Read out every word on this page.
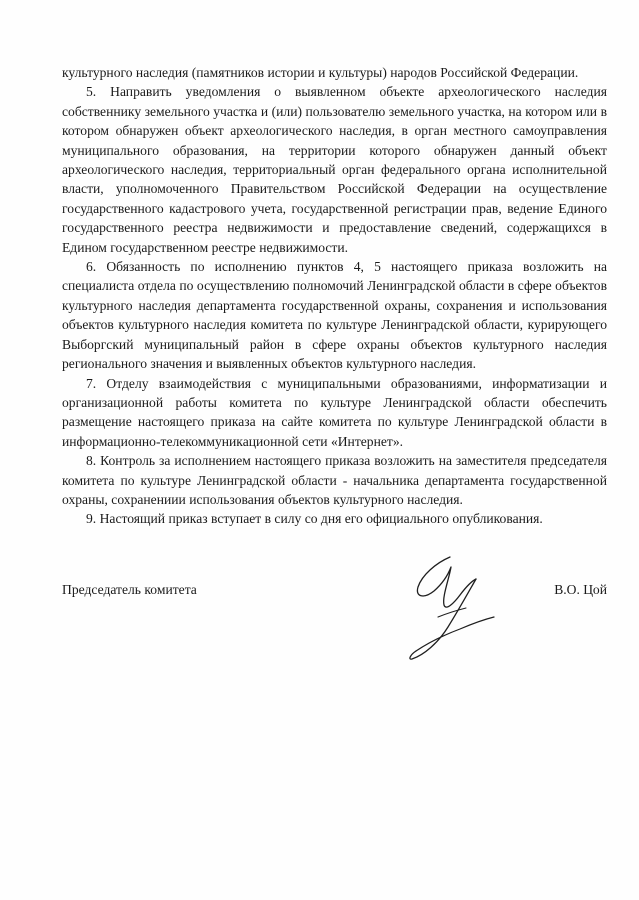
культурного наследия (памятников истории и культуры) народов Российской Федерации.

5. Направить уведомления о выявленном объекте археологического наследия собственнику земельного участка и (или) пользователю земельного участка, на котором или в котором обнаружен объект археологического наследия, в орган местного самоуправления муниципального образования, на территории которого обнаружен данный объект археологического наследия, территориальный орган федерального органа исполнительной власти, уполномоченного Правительством Российской Федерации на осуществление государственного кадастрового учета, государственной регистрации прав, ведение Единого государственного реестра недвижимости и предоставление сведений, содержащихся в Едином государственном реестре недвижимости.

6. Обязанность по исполнению пунктов 4, 5 настоящего приказа возложить на специалиста отдела по осуществлению полномочий Ленинградской области в сфере объектов культурного наследия департамента государственной охраны, сохранения и использования объектов культурного наследия комитета по культуре Ленинградской области, курирующего Выборгский муниципальный район в сфере охраны объектов культурного наследия регионального значения и выявленных объектов культурного наследия.

7. Отделу взаимодействия с муниципальными образованиями, информатизации и организационной работы комитета по культуре Ленинградской области обеспечить размещение настоящего приказа на сайте комитета по культуре Ленинградской области в информационно-телекоммуникационной сети «Интернет».

8. Контроль за исполнением настоящего приказа возложить на заместителя председателя комитета по культуре Ленинградской области - начальника департамента государственной охраны, сохранениии использования объектов культурного наследия.

9. Настоящий приказ вступает в силу со дня его официального опубликования.

Председатель комитета	В.О. Цой
